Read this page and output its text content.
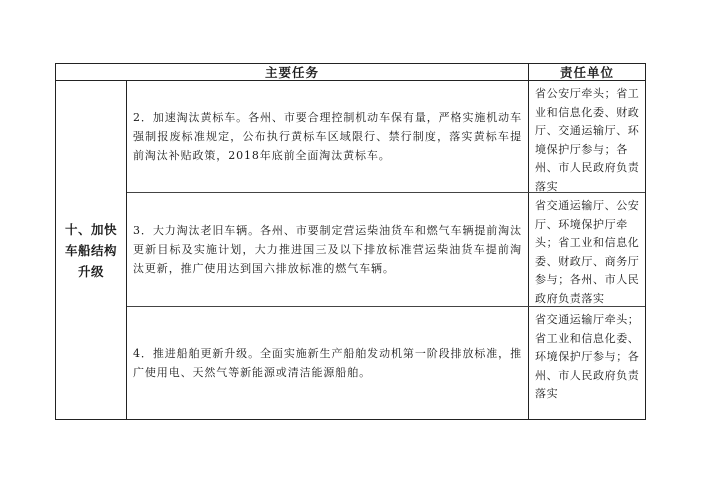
主要任务	责任单位
十、加快车船结构升级

2．加速淘汰黄标车。各州、市要合理控制机动车保有量，严格实施机动车强制报废标准规定，公布执行黄标车区域限行、禁行制度，落实黄标车提前淘汰补贴政策，2018年底前全面淘汰黄标车。

省公安厅牵头；省工业和信息化委、财政厅、交通运输厅、环境保护厅参与；各州、市人民政府负责落实

3．大力淘汰老旧车辆。各州、市要制定营运柴油货车和燃气车辆提前淘汰更新目标及实施计划，大力推进国三及以下排放标准营运柴油货车提前淘汰更新，推广使用达到国六排放标准的燃气车辆。

省交通运输厅、公安厅、环境保护厅牵头；省工业和信息化委、财政厅、商务厅参与；各州、市人民政府负责落实

4．推进船舶更新升级。全面实施新生产船舶发动机第一阶段排放标准，推广使用电、天然气等新能源或清洁能源船舶。

省交通运输厅牵头；省工业和信息化委、环境保护厅参与；各州、市人民政府负责落实
